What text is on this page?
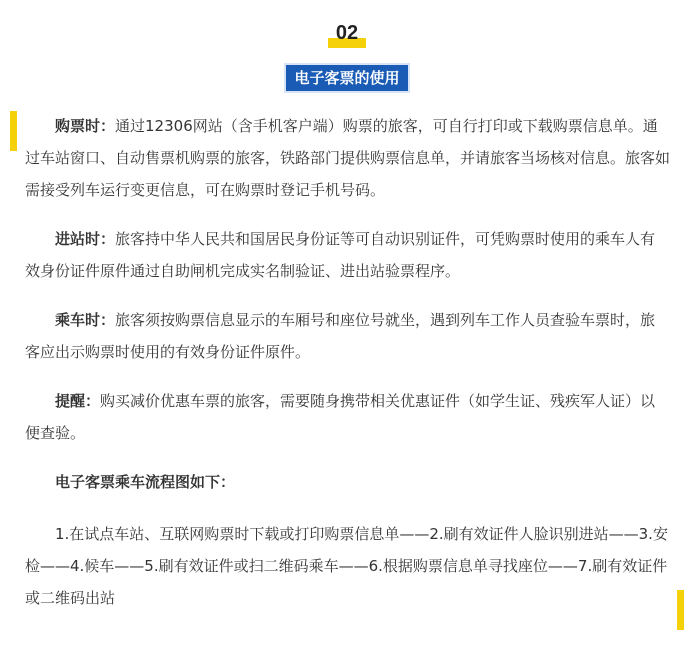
02
电子客票的使用

购票时：通过12306网站（含手机客户端）购票的旅客，可自行打印或下载购票信息单。通过车站窗口、自动售票机购票的旅客，铁路部门提供购票信息单，并请旅客当场核对信息。旅客如需接受列车运行变更信息，可在购票时登记手机号码。

进站时：旅客持中华人民共和国居民身份证等可自动识别证件，可凭购票时使用的乘车人有效身份证件原件通过自助闸机完成实名制验证、进出站验票程序。

乘车时：旅客须按购票信息显示的车厢号和座位号就坐，遇到列车工作人员查验车票时，旅客应出示购票时使用的有效身份证件原件。

提醒：购买减价优惠车票的旅客，需要随身携带相关优惠证件（如学生证、残疾军人证）以便查验。

电子客票乘车流程图如下：

1.在试点车站、互联网购票时下载或打印购票信息单——2.刷有效证件人脸识别进站——3.安检——4.候车——5.刷有效证件或扫二维码乘车——6.根据购票信息单寻找座位——7.刷有效证件或二维码出站
